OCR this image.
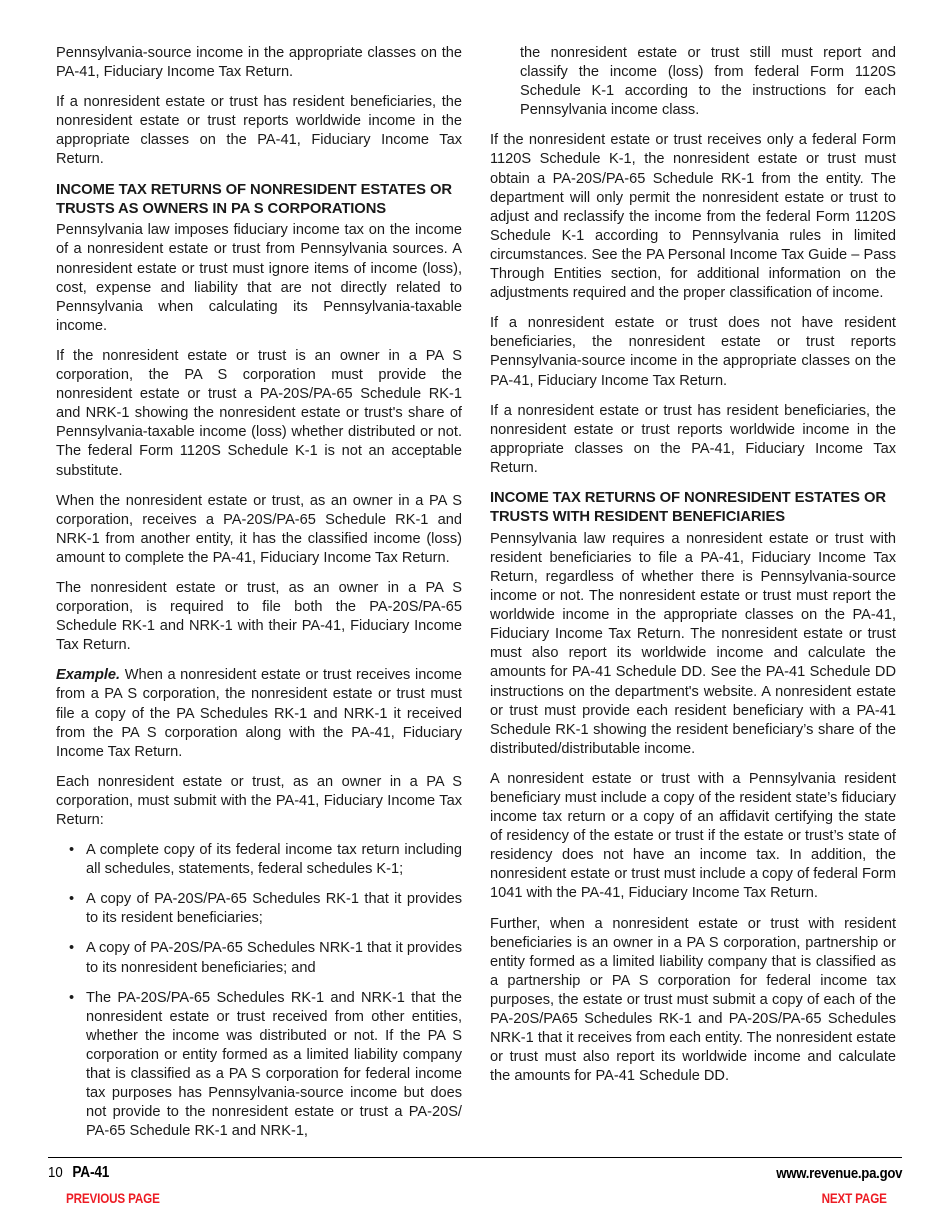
Pennsylvania-source income in the appropriate classes on the PA-41, Fiduciary Income Tax Return.

If a nonresident estate or trust has resident beneficiaries, the nonresident estate or trust reports worldwide income in the appropriate classes on the PA-41, Fiduciary Income Tax Return.

INCOME TAX RETURNS OF NONRESIDENT ESTATES OR TRUSTS AS OWNERS IN PA S CORPORATIONS

Pennsylvania law imposes fiduciary income tax on the income of a nonresident estate or trust from Pennsylvania sources. A nonresident estate or trust must ignore items of income (loss), cost, expense and liability that are not directly related to Pennsylvania when calculating its Pennsylvania-taxable income.

If the nonresident estate or trust is an owner in a PA S corporation, the PA S corporation must provide the nonresident estate or trust a PA-20S/PA-65 Schedule RK-1 and NRK-1 showing the nonresident estate or trust's share of Pennsylvania-taxable income (loss) whether distributed or not. The federal Form 1120S Schedule K-1 is not an acceptable substitute.

When the nonresident estate or trust, as an owner in a PA S corporation, receives a PA-20S/PA-65 Schedule RK-1 and NRK-1 from another entity, it has the classified income (loss) amount to complete the PA-41, Fiduciary Income Tax Return.

The nonresident estate or trust, as an owner in a PA S corporation, is required to file both the PA-20S/PA-65 Schedule RK-1 and NRK-1 with their PA-41, Fiduciary Income Tax Return.

Example. When a nonresident estate or trust receives income from a PA S corporation, the nonresident estate or trust must file a copy of the PA Schedules RK-1 and NRK-1 it received from the PA S corporation along with the PA-41, Fiduciary Income Tax Return.

Each nonresident estate or trust, as an owner in a PA S corporation, must submit with the PA-41, Fiduciary Income Tax Return:

• A complete copy of its federal income tax return including all schedules, statements, federal schedules K-1;
• A copy of PA-20S/PA-65 Schedules RK-1 that it provides to its resident beneficiaries;
• A copy of PA-20S/PA-65 Schedules NRK-1 that it provides to its nonresident beneficiaries; and
• The PA-20S/PA-65 Schedules RK-1 and NRK-1 that the nonresident estate or trust received from other entities, whether the income was distributed or not. If the PA S corporation or entity formed as a limited liability company that is classified as a PA S corporation for federal income tax purposes has Pennsylvania-source income but does not provide to the nonresident estate or trust a PA-20S/ PA-65 Schedule RK-1 and NRK-1,

the nonresident estate or trust still must report and classify the income (loss) from federal Form 1120S Schedule K-1 according to the instructions for each Pennsylvania income class.

If the nonresident estate or trust receives only a federal Form 1120S Schedule K-1, the nonresident estate or trust must obtain a PA-20S/PA-65 Schedule RK-1 from the entity. The department will only permit the nonresident estate or trust to adjust and reclassify the income from the federal Form 1120S Schedule K-1 according to Pennsylvania rules in limited circumstances. See the PA Personal Income Tax Guide – Pass Through Entities section, for additional information on the adjustments required and the proper classification of income.

If a nonresident estate or trust does not have resident beneficiaries, the nonresident estate or trust reports Pennsylvania-source income in the appropriate classes on the PA-41, Fiduciary Income Tax Return.

If a nonresident estate or trust has resident beneficiaries, the nonresident estate or trust reports worldwide income in the appropriate classes on the PA-41, Fiduciary Income Tax Return.

INCOME TAX RETURNS OF NONRESIDENT ESTATES OR TRUSTS WITH RESIDENT BENEFICIARIES

Pennsylvania law requires a nonresident estate or trust with resident beneficiaries to file a PA-41, Fiduciary Income Tax Return, regardless of whether there is Pennsylvania-source income or not. The nonresident estate or trust must report the worldwide income in the appropriate classes on the PA-41, Fiduciary Income Tax Return. The nonresident estate or trust must also report its worldwide income and calculate the amounts for PA-41 Schedule DD. See the PA-41 Schedule DD instructions on the department's website. A nonresident estate or trust must provide each resident beneficiary with a PA-41 Schedule RK-1 showing the resident beneficiary’s share of the distributed/distributable income.

A nonresident estate or trust with a Pennsylvania resident beneficiary must include a copy of the resident state’s fiduciary income tax return or a copy of an affidavit certifying the state of residency of the estate or trust if the estate or trust’s state of residency does not have an income tax. In addition, the nonresident estate or trust must include a copy of federal Form 1041 with the PA-41, Fiduciary Income Tax Return.

Further, when a nonresident estate or trust with resident beneficiaries is an owner in a PA S corporation, partnership or entity formed as a limited liability company that is classified as a partnership or PA S corporation for federal income tax purposes, the estate or trust must submit a copy of each of the PA-20S/PA65 Schedules RK-1 and PA-20S/PA-65 Schedules NRK-1 that it receives from each entity. The nonresident estate or trust must also report its worldwide income and calculate the amounts for PA-41 Schedule DD.

10 PA-41	www.revenue.pa.gov
PREVIOUS PAGE	NEXT PAGE
